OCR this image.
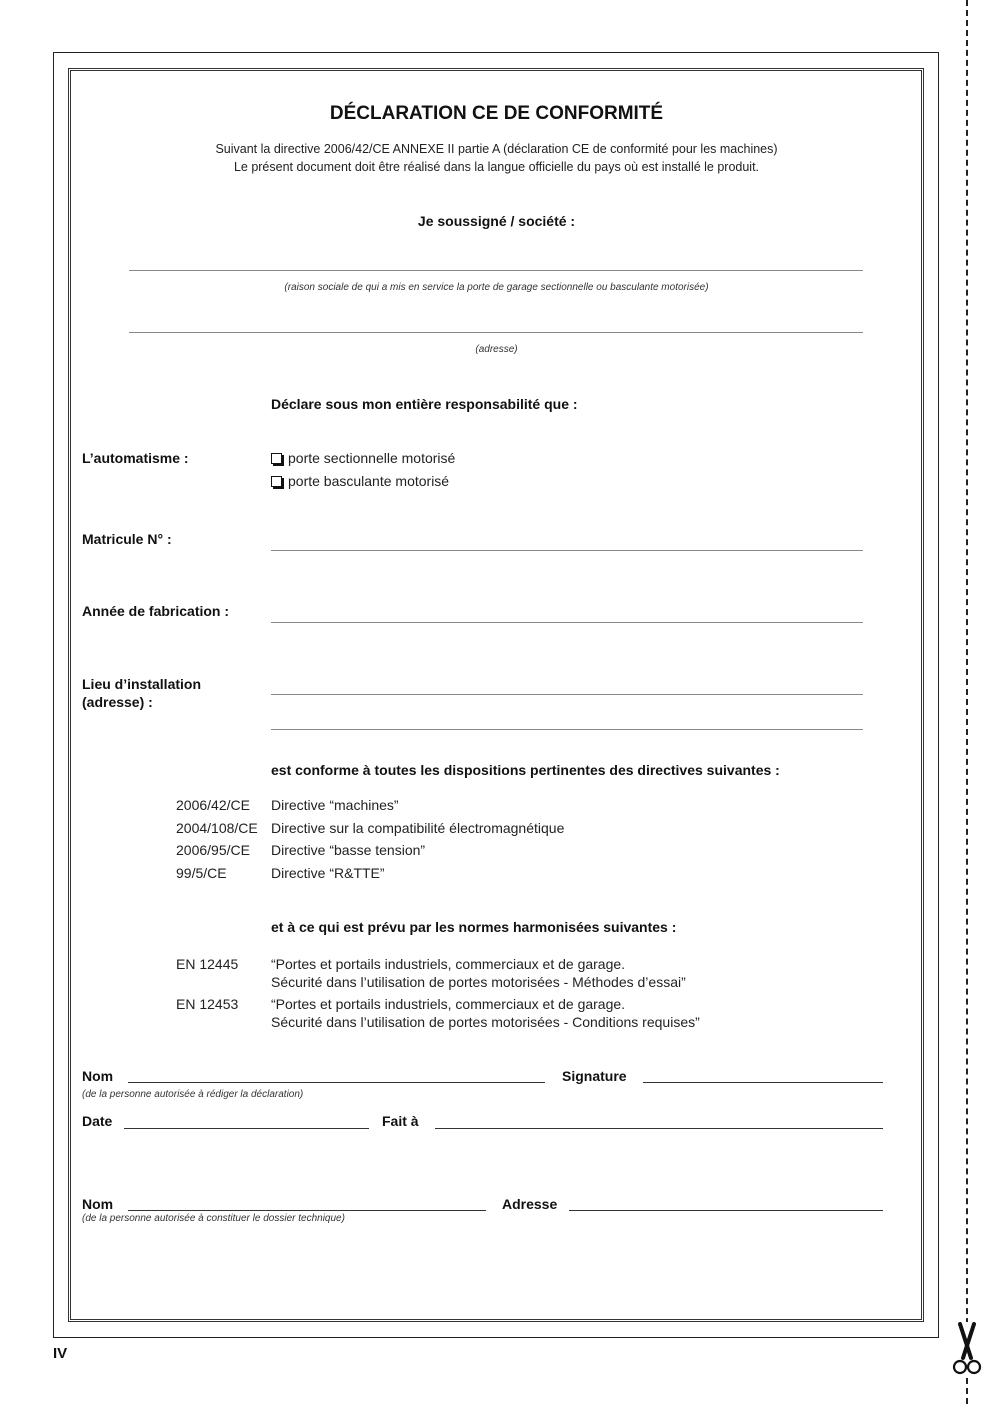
DÉCLARATION CE DE CONFORMITÉ
Suivant la directive 2006/42/CE ANNEXE II partie A (déclaration CE de conformité pour les machines)
Le présent document doit être réalisé dans la langue officielle du pays où est installé le produit.
Je soussigné / société :
(raison sociale de qui a mis en service la porte de garage sectionnelle ou basculante motorisée)
(adresse)
Déclare sous mon entière responsabilité que :
L’automatisme :	porte sectionnelle motorisé
porte basculante motorisé
Matricule N° :
Année de fabrication :
Lieu d’installation (adresse) :
est conforme à toutes les dispositions pertinentes des directives suivantes :
2006/42/CE Directive “machines”
2004/108/CE Directive sur la compatibilité électromagnétique
2006/95/CE Directive “basse tension”
99/5/CE	Directive “R&TTE”
et à ce qui est prévu par les normes harmonisées suivantes :
EN 12445 “Portes et portails industriels, commerciaux et de garage.
Sécurité dans l’utilisation de portes motorisées - Méthodes d’essai”
EN 12453 “Portes et portails industriels, commerciaux et de garage.
Sécurité dans l’utilisation de portes motorisées - Conditions requises”
Nom	Signature
(de la personne autorisée à rédiger la déclaration)
Date	Fait à
Nom	Adresse
(de la personne autorisée à constituer le dossier technique)
IV
